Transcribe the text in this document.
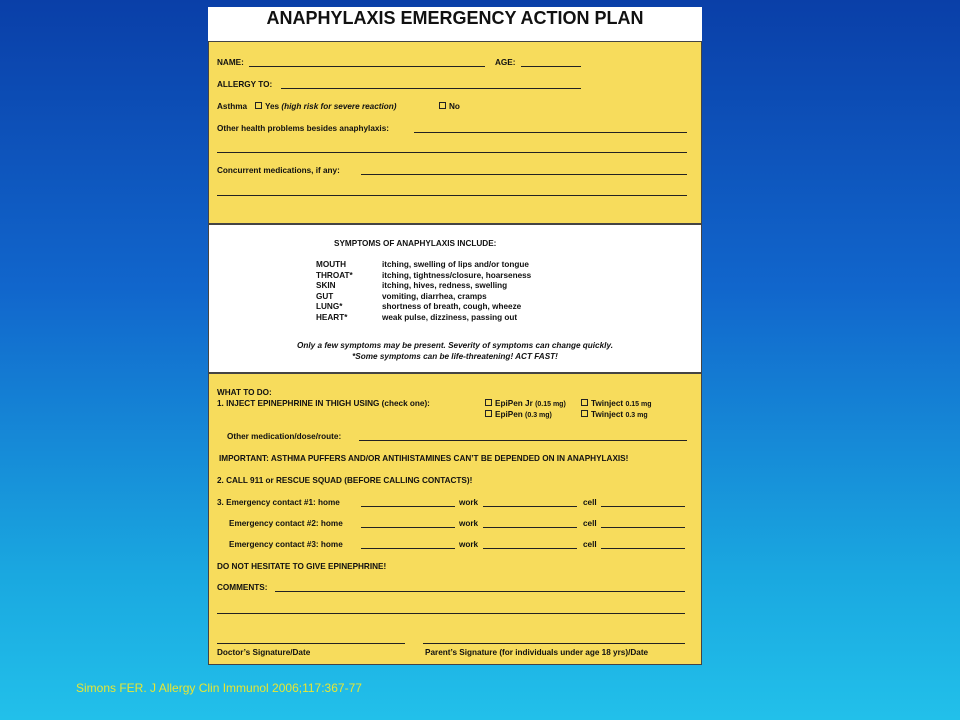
ANAPHYLAXIS EMERGENCY ACTION PLAN
NAME:	AGE:
ALLERGY TO:
Asthma	Yes (high risk for severe reaction)	No
Other health problems besides anaphylaxis:
Concurrent medications, if any:
SYMPTOMS OF ANAPHYLAXIS INCLUDE:
MOUTH	itching, swelling of lips and/or tongue
THROAT*	itching, tightness/closure, hoarseness
SKIN	itching, hives, redness, swelling
GUT	vomiting, diarrhea, cramps
LUNG*	shortness of breath, cough, wheeze
HEART*	weak pulse, dizziness, passing out
Only a few symptoms may be present. Severity of symptoms can change quickly.
*Some symptoms can be life-threatening! ACT FAST!
WHAT TO DO:
1. INJECT EPINEPHRINE IN THIGH USING (check one):	EpiPen Jr (0.15 mg)	Twinject 0.15 mg
EpiPen (0.3 mg)	Twinject 0.3 mg
Other medication/dose/route:
IMPORTANT: ASTHMA PUFFERS AND/OR ANTIHISTAMINES CAN’T BE DEPENDED ON IN ANAPHYLAXIS!
2. CALL 911 or RESCUE SQUAD (BEFORE CALLING CONTACTS)!
3. Emergency contact #1: home	work	cell
Emergency contact #2: home	work	cell
Emergency contact #3: home	work	cell
DO NOT HESITATE TO GIVE EPINEPHRINE!
COMMENTS:
Doctor’s Signature/Date	Parent’s Signature (for individuals under age 18 yrs)/Date
Simons FER. J Allergy Clin Immunol 2006;117:367-77
